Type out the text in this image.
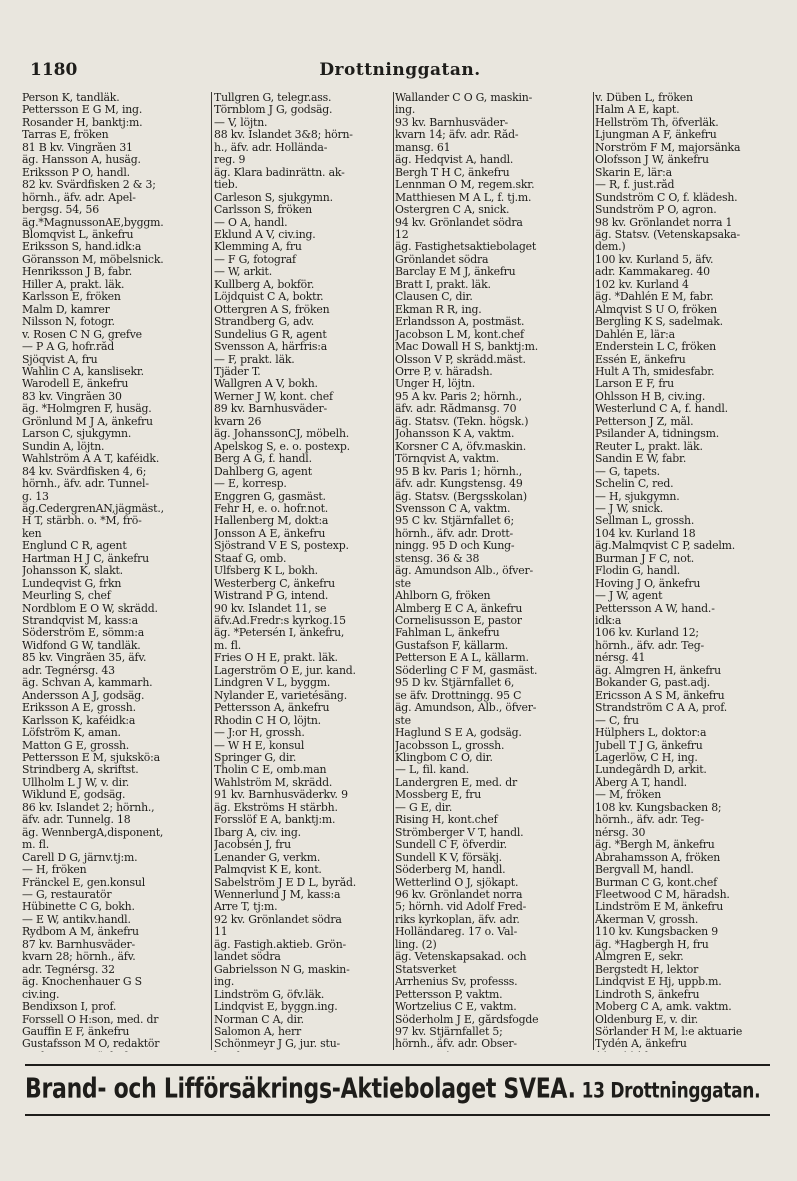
1180	Drottninggatan.
Person K, tandläk.
Pettersson E G M, ing.
Rosander H, banktj:m.
Tarras E, fröken
81 B kv. Vingråen 31
äg. Hansson A, husäg.
Eriksson P O, handl.
82 kv. Svärdfisken 2 & 3;
hörnh., äfv. adr. Apel-
bergsg. 54, 56
äg.*MagnussonAE,byggm.
Blomqvist L, änkefru
Eriksson S, hand.idk:a
Göransson M, möbelsnick.
Henriksson J B, fabr.
Hiller A, prakt. läk.
Karlsson E, fröken
Malm D, kamrer
Nilsson N, fotogr.
v. Rosen C N G, grefve
— P A G, hofr.råd
Sjöqvist A, fru
Wahlin C A, kanslisekr.
Warodell E, änkefru
83 kv. Vingråen 30
äg. *Holmgren F, husäg.
Grönlund M J A, änkefru
Larson C, sjukgymn.
Sundin A, löjtn.
Wahlström A A T, kaféidk.
84 kv. Svärdfisken 4, 6;
hörnh., äfv. adr. Tunnel-
g. 13
äg.CedergrenAN,jägmäst.,
H T, stärbh. o. *M, frö-
ken
Englund C R, agent
Hartman H J C, änkefru
Johansson K, slakt.
Lundeqvist G, frkn
Meurling S, chef
Nordblom E O W, skrädd.
Strandqvist M, kass:a
Söderström E, sömm:a
Widfond G W, tandläk.
85 kv. Vingråen 35, äfv.
adr. Tegnérsg. 43
äg. Schvan A, kammarh.
Andersson A J, godsäg.
Eriksson A E, grossh.
Karlsson K, kaféidk:a
Löfström K, aman.
Matton G E, grossh.
Pettersson E M, sjukskö:a
Strindberg A, skriftst.
Ullholm L J W, v. dir.
Wiklund E, godsäg.
86 kv. Islandet 2; hörnh.,
äfv. adr. Tunnelg. 18
äg. WennbergA,disponent,
m. fl.
Carell D G, järnv.tj:m.
— H, fröken
Fränckel E, gen.konsul
— G, restauratör
Hübinette C G, bokh.
— E W, antikv.handl.
Rydbom A M, änkefru
87 kv. Barnhusväder-
kvarn 28; hörnh., äfv.
adr. Tegnérsg. 32
äg. Knochenhauer G S
civ.ing.
Bendixson I, prof.
Forssell O H:son, med. dr
Gauffin E F, änkefru
Gustafsson M O, redaktör
Tullgren G, telegr.ass.
Törnblom J G, godsäg.
— V, löjtn.
88 kv. Islandet 3&8; hörn-
h., äfv. adr. Hollända-
reg. 9
äg. Klara badinrättn. ak-
tieb.
Carleson S, sjukgymn.
Carlsson S, fröken
— O A, handl.
Eklund A V, civ.ing.
Klemming A, fru
— F G, fotograf
— W, arkit.
Kullberg A, bokför.
Löjdquist C A, boktr.
Ottergren A S, fröken
Strandberg G, adv.
Sundelius G R, agent
Svensson A, härfris:a
— F, prakt. läk.
Tjäder T.
Wallgren A V, bokh.
Werner J W, kont. chef
89 kv. Barnhusväder-
kvarn 26
äg. JohanssonCJ, möbelh.
Apelskog S, e. o. postexp.
Berg A G, f. handl.
Dahlberg G, agent
— E, korresp.
Enggren G, gasmäst.
Fehr H, e. o. hofr.not.
Hallenberg M, dokt:a
Jonsson A E, änkefru
Sjöstrand V E S, postexp.
Staaf G, omb.
Ulfsberg K L, bokh.
Westerberg C, änkefru
Wistrand P G, intend.
90 kv. Islandet 11, se
äfv.Ad.Fredr:s kyrkog.15
äg. *Petersén I, änkefru,
m. fl.
Fries O H E, prakt. läk.
Lagerström O E, jur. kand.
Lindgren V L, byggm.
Nylander E, varietésäng.
Pettersson A, änkefru
Rhodin C H O, löjtn.
— J:or H, grossh.
— W H E, konsul
Springer G, dir.
Tholin C E, omb.man
Wahlström M, skrädd.
91 kv. Barnhusväderkv. 9
äg. Ekströms H stärbh.
Forsslöf E A, banktj:m.
Ibarg A, civ. ing.
Jacobsén J, fru
Lenander G, verkm.
Palmqvist K E, kont.
Sabelström J E D L, byråd.
Wennerlund J M, kass:a
Arre T, tj:m.
92 kv. Grönlandet södra
11
äg. Fastigh.aktieb. Grön-
landet södra
Gabrielsson N G, maskin-
ing.
Lindström G, öfv.läk.
Lindqvist E, byggn.ing.
Norman C A, dir.
Salomon A, herr
Schönmeyr J G, jur. stu-
Wallander C O G, maskin-
ing.
93 kv. Barnhusväder-
kvarn 14; äfv. adr. Råd-
mansg. 61
äg. Hedqvist A, handl.
Bergh T H C, änkefru
Lennman O M, regem.skr.
Matthiesen M A L, f. tj.m.
Östergren C A, snick.
94 kv. Grönlandet södra
12
äg. Fastighetsaktiebolaget
Grönlandet södra
Barclay E M J, änkefru
Bratt I, prakt. läk.
Clausen C, dir.
Ekman R R, ing.
Erlandsson A, postmäst.
Jacobson L M, kont.chef
Mac Dowall H S, banktj:m.
Olsson V P, skrädd.mäst.
Orre P, v. häradsh.
Unger H, löjtn.
95 A kv. Paris 2; hörnh.,
äfv. adr. Rådmansg. 70
äg. Statsv. (Tekn. högsk.)
Johansson K A, vaktm.
Korsner C A, öfv.maskin.
Törnqvist A, vaktm.
95 B kv. Paris 1; hörnh.,
äfv. adr. Kungstensg. 49
äg. Statsv. (Bergsskolan)
Svensson C A, vaktm.
95 C kv. Stjärnfallet 6;
hörnh., äfv. adr. Drott-
ningg. 95 D och Kung-
stensg. 36 & 38
äg. Amundson Alb., öfver-
ste
Ahlborn G, fröken
Almberg E C A, änkefru
Cornelisusson E, pastor
Fahlman L, änkefru
Gustafson F, källarm.
Petterson E A L, källarm.
Söderling C F M, gasmäst.
95 D kv. Stjärnfallet 6,
se äfv. Drottningg. 95 C
äg. Amundson, Alb., öfver-
ste
Haglund S E A, godsäg.
Jacobsson L, grossh.
Klingbom C O, dir.
— L, fil. kand.
Landergren E, med. dr
Mossberg E, fru
— G E, dir.
Rising H, kont.chef
Strömberger V T, handl.
Sundell C F, öfverdir.
Sundell K V, försäkj.
Söderberg M, handl.
Wetterlind O J, sjökapt.
96 kv. Grönlandet norra
5; hörnh. vid Adolf Fred-
riks kyrkoplan, äfv. adr.
Holländareg. 17 o. Val-
ling. (2)
äg. Vetenskapsakad. och
Statsverket
Arrhenius Sv, professs.
Pettersson P, vaktm.
Wortzelius C E, vaktm.
Söderholm J E, gårdsfogde
97 kv. Stjärnfallet 5;
hörnh., äfv. adr. Obser-
v. Düben L, fröken
Halm A E, kapt.
Hellström Th, öfverläk.
Ljungman A F, änkefru
Norström F M, majorsänka
Olofsson J W, änkefru
Skarin E, lär:a
— R, f. just.råd
Sundström C O, f. klädesh.
Sundström P O, agron.
98 kv. Grönlandet norra 1
äg. Statsv. (Vetenskapsaka-
dem.)
100 kv. Kurland 5, äfv.
adr. Kammakareg. 40
102 kv. Kurland 4
äg. *Dahlén E M, fabr.
Almqvist S U O, fröken
Bergling K S, sadelmak.
Dahlén E, lär:a
Enderstein L C, fröken
Essén E, änkefru
Hult A Th, smidesfabr.
Larson E F, fru
Ohlsson H B, civ.ing.
Westerlund C A, f. handl.
Petterson J Z, mål.
Psilander A, tidningsm.
Reuter L, prakt. läk.
Sandin E W, fabr.
— G, tapets.
Schelin C, red.
— H, sjukgymn.
— J W, snick.
Sellman L, grossh.
104 kv. Kurland 18
äg.Malmqvist C P, sadelm.
Burman J F C, not.
Flodin G, handl.
Hoving J O, änkefru
— J W, agent
Pettersson A W, hand.-
idk:a
106 kv. Kurland 12;
hörnh., äfv. adr. Teg-
nérsg. 41
äg. Almgren H, änkefru
Bokander G, past.adj.
Ericsson A S M, änkefru
Strandström C A A, prof.
— C, fru
Hülphers L, doktor:a
Jubell T J G, änkefru
Lagerlöw, C H, ing.
Lundegårdh D, arkit.
Åberg A T, handl.
— M, fröken
108 kv. Kungsbacken 8;
hörnh., äfv. adr. Teg-
nérsg. 30
äg. *Bergh M, änkefru
Abrahamsson A, fröken
Bergvall M, handl.
Burman C G, kont.chef
Fleetwood C M, häradsh.
Lindström E M, änkefru
Åkerman V, grossh.
110 kv. Kungsbacken 9
äg. *Hagbergh H, fru
Almgren E, sekr.
Bergstedt H, lektor
Lindqvist E Hj, uppb.m.
Lindroth S, änkefru
Moberg C A, amk. vaktm.
Oldenburg E, v. dir.
Sörlander H M, l:e aktuarie
Tydén A, änkefru
Brand- och Lifförsäkrings-Aktiebolaget SVEA. 13 Drottninggatan.
